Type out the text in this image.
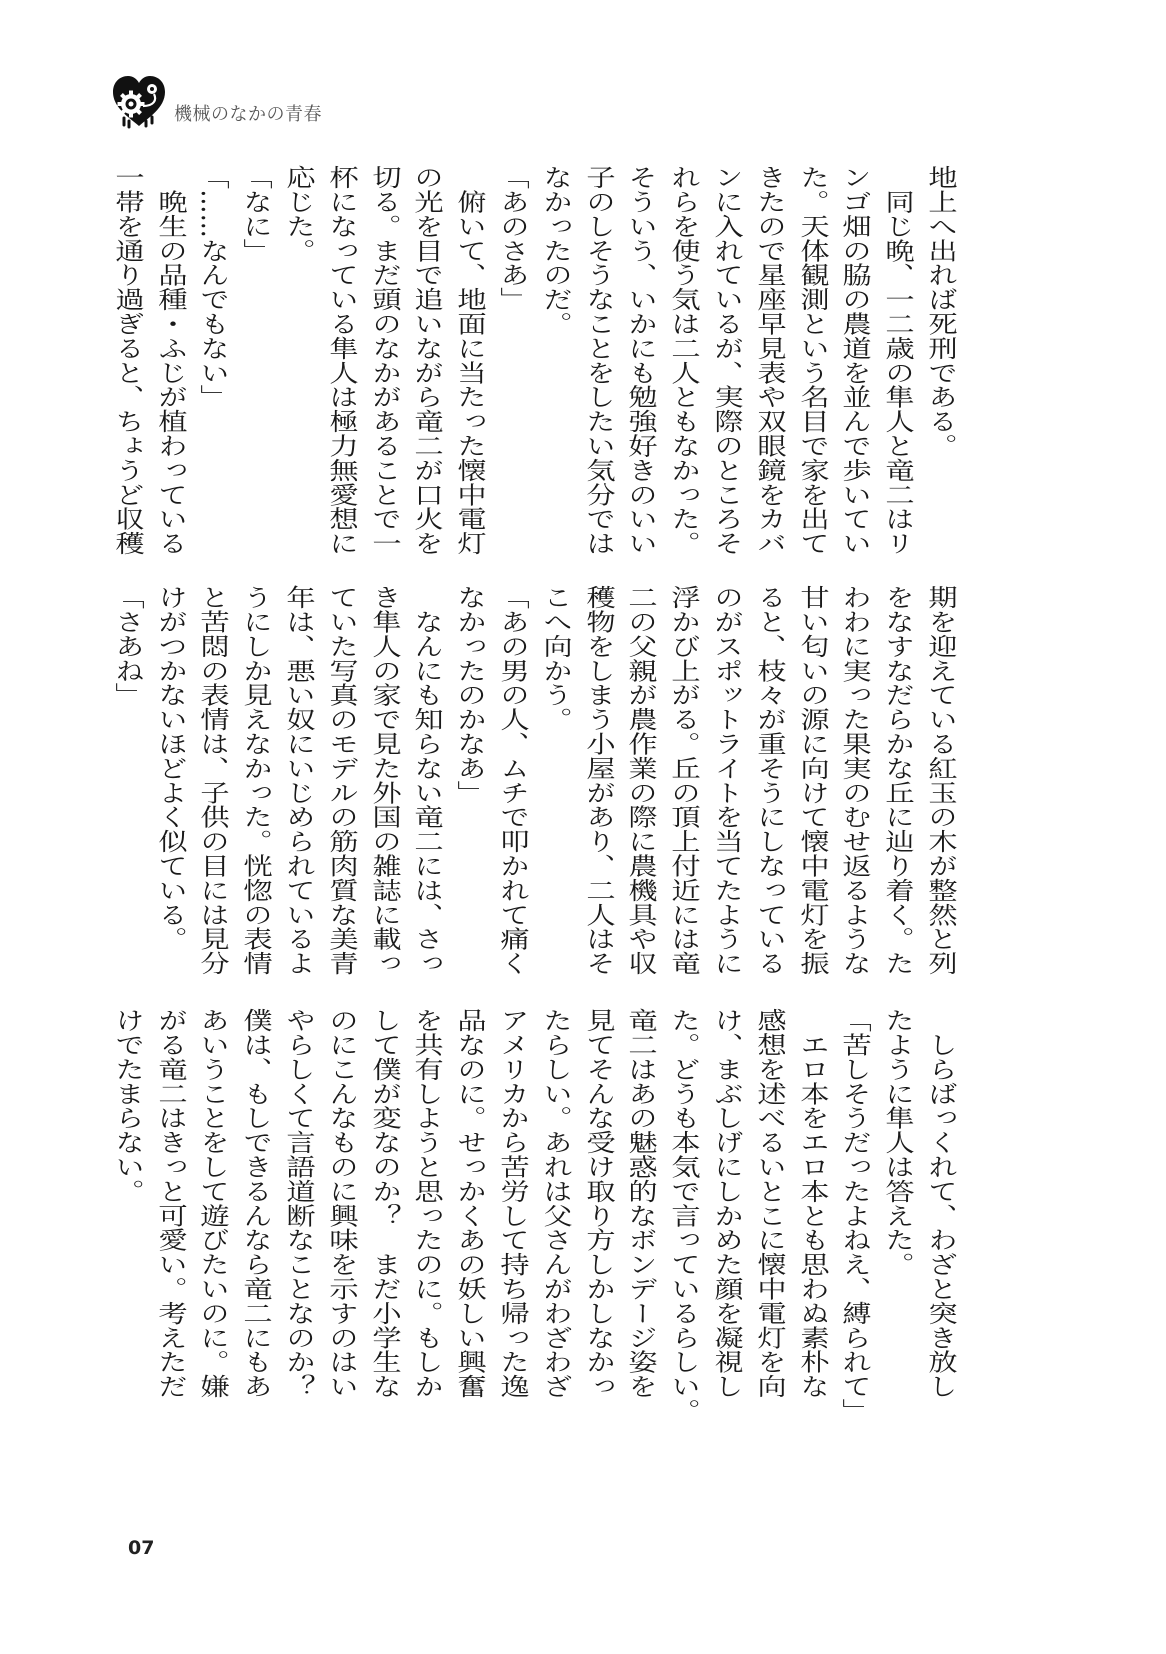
機械のなかの青春
地上へ出れば死刑である。
　同じ晩、一二歳の隼人と竜二はリ
ンゴ畑の脇の農道を並んで歩いてい
た。天体観測という名目で家を出て
きたので星座早見表や双眼鏡をカバ
ンに入れているが、実際のところそ
れらを使う気は二人ともなかった。
そういう、いかにも勉強好きのいい
子のしそうなことをしたい気分では
なかったのだ。
「あのさあ」
　俯いて、地面に当たった懐中電灯
の光を目で追いながら竜二が口火を
切る。まだ頭のなかがあることで一
杯になっている隼人は極力無愛想に
応じた。
「なに」
「……なんでもない」
　晩生の品種・ふじが植わっている
一帯を通り過ぎると、ちょうど収穫
期を迎えている紅玉の木が整然と列
をなすなだらかな丘に辿り着く。た
わわに実った果実のむせ返るような
甘い匂いの源に向けて懐中電灯を振
ると、枝々が重そうにしなっている
のがスポットライトを当てたように
浮かび上がる。丘の頂上付近には竜
二の父親が農作業の際に農機具や収
穫物をしまう小屋があり、二人はそ
こへ向かう。
「あの男の人、ムチで叩かれて痛く
なかったのかなあ」
　なんにも知らない竜二には、さっ
き隼人の家で見た外国の雑誌に載っ
ていた写真のモデルの筋肉質な美青
年は、悪い奴にいじめられているよ
うにしか見えなかった。恍惚の表情
と苦悶の表情は、子供の目には見分
けがつかないほどよく似ている。
「さあね」
　しらばっくれて、わざと突き放し
たように隼人は答えた。
「苦しそうだったよねえ、縛られて」
　エロ本をエロ本とも思わぬ素朴な
感想を述べるいとこに懐中電灯を向
け、まぶしげにしかめた顔を凝視し
た。どうも本気で言っているらしい。
竜二はあの魅惑的なボンデージ姿を
見てそんな受け取り方しかしなかっ
たらしい。あれは父さんがわざわざ
アメリカから苦労して持ち帰った逸
品なのに。せっかくあの妖しい興奮
を共有しようと思ったのに。もしか
して僕が変なのか？　まだ小学生な
のにこんなものに興味を示すのはい
やらしくて言語道断なことなのか？
僕は、もしできるんなら竜二にもあ
あいうことをして遊びたいのに。嫌
がる竜二はきっと可愛い。考えただ
けでたまらない。
07
